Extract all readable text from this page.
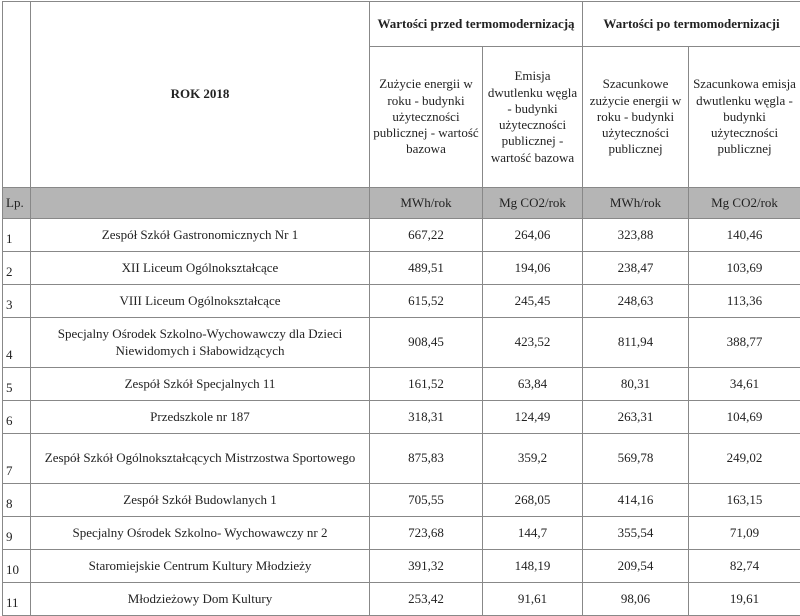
	ROK 2018	Wartości przed termomodernizacją		Wartości po termomodernizacji	
		Zużycie energii w roku - budynki użyteczności publicznej - wartość bazowa	Emisja dwutlenku węgla - budynki użyteczności publicznej - wartość bazowa	Szacunkowe zużycie energii w roku - budynki użyteczności publicznej	Szacunkowa emisja dwutlenku węgla - budynki użyteczności publicznej
Lp.		MWh/rok	Mg CO2/rok	MWh/rok	Mg CO2/rok
1	Zespół Szkół Gastronomicznych Nr 1	667,22	264,06	323,88	140,46
2	XII Liceum Ogólnokształcące	489,51	194,06	238,47	103,69
3	VIII Liceum Ogólnokształcące	615,52	245,45	248,63	113,36
4	Specjalny Ośrodek Szkolno-Wychowawczy dla Dzieci Niewidomych i Słabowidzących	908,45	423,52	811,94	388,77
5	Zespół Szkół Specjalnych 11	161,52	63,84	80,31	34,61
6	Przedszkole nr 187	318,31	124,49	263,31	104,69
7	Zespół Szkół Ogólnokształcących Mistrzostwa Sportowego	875,83	359,2	569,78	249,02
8	Zespół Szkół Budowlanych 1	705,55	268,05	414,16	163,15
9	Specjalny Ośrodek Szkolno- Wychowawczy nr 2	723,68	144,7	355,54	71,09
10	Staromiejskie Centrum Kultury Młodzieży	391,32	148,19	209,54	82,74
11	Młodzieżowy Dom Kultury	253,42	91,61	98,06	19,61
